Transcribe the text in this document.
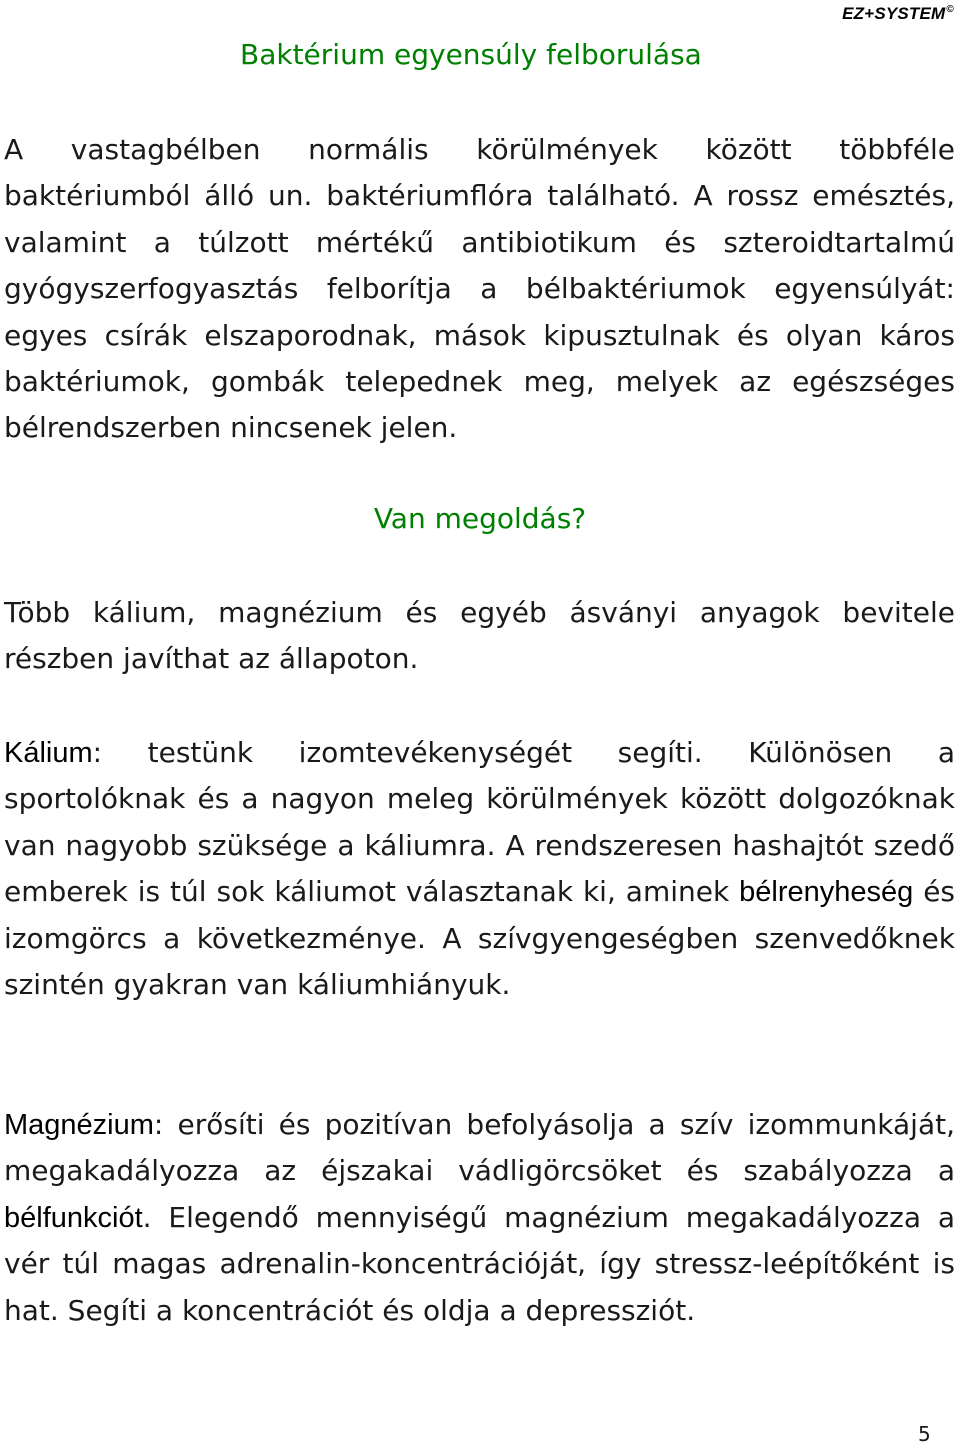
EZ+SYSTEM©
Baktérium egyensúly felborulása

A vastagbélben normális körülmények között többféle baktériumból álló un. baktériumflóra található. A rossz emésztés, valamint a túlzott mértékű antibiotikum és szteroidtartalmú gyógyszerfogyasztás felborítja a bélbaktériumok egyensúlyát: egyes csírák elszaporodnak, mások kipusztulnak és olyan káros baktériumok, gombák telepednek meg, melyek az egészséges bélrendszerben nincsenek jelen.

Van megoldás?

Több kálium, magnézium és egyéb ásványi anyagok bevitele részben javíthat az állapoton.

Kálium: testünk izomtevékenységét segíti. Különösen a sportolóknak és a nagyon meleg körülmények között dolgozóknak van nagyobb szüksége a káliumra. A rendszeresen hashajtót szedő emberek is túl sok káliumot választanak ki, aminek bélrenyheség és izomgörcs a következménye. A szívgyengeségben szenvedőknek szintén gyakran van káliumhiányuk.

Magnézium: erősíti és pozitívan befolyásolja a szív izommunkáját, megakadályozza az éjszakai vádligörcsöket és szabályozza a bélfunkciót. Elegendő mennyiségű magnézium megakadályozza a vér túl magas adrenalin-koncentrációját, így stressz-leépítőként is hat. Segíti a koncentrációt és oldja a depressziót.

5
